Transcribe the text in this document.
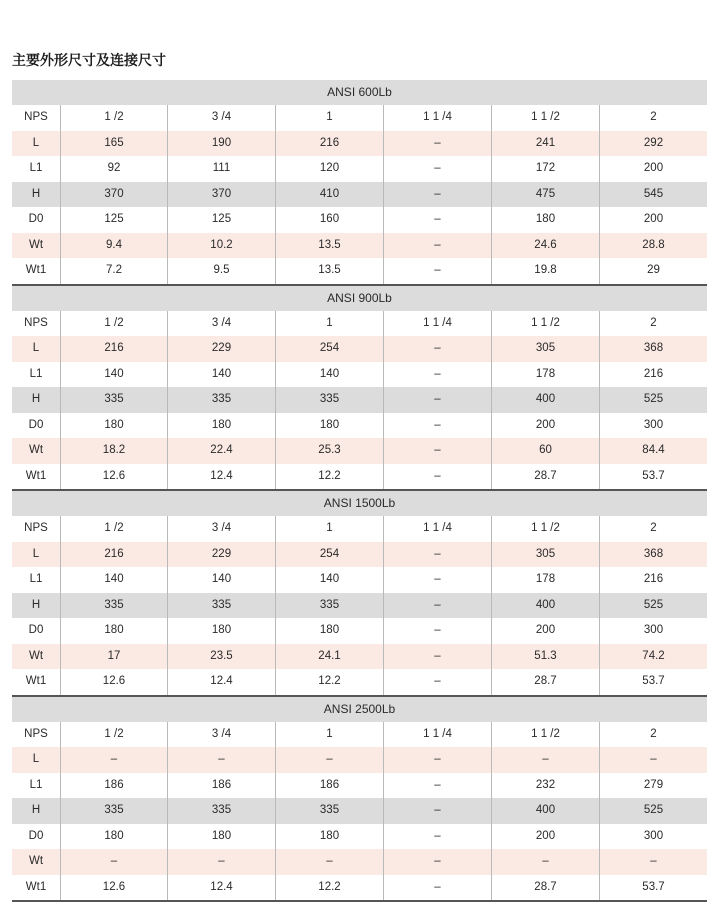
主要外形尺寸及连接尺寸
ANSI 600Lb
NPS	1 /2	3 /4	1	1 1 /4	1 1 /2	2
L	165	190	216	–	241	292
L1	92	111	120	–	172	200
H	370	370	410	–	475	545
D0	125	125	160	–	180	200
Wt	9.4	10.2	13.5	–	24.6	28.8
Wt1	7.2	9.5	13.5	–	19.8	29
ANSI 900Lb
NPS	1 /2	3 /4	1	1 1 /4	1 1 /2	2
L	216	229	254	–	305	368
L1	140	140	140	–	178	216
H	335	335	335	–	400	525
D0	180	180	180	–	200	300
Wt	18.2	22.4	25.3	–	60	84.4
Wt1	12.6	12.4	12.2	–	28.7	53.7
ANSI 1500Lb
NPS	1 /2	3 /4	1	1 1 /4	1 1 /2	2
L	216	229	254	–	305	368
L1	140	140	140	–	178	216
H	335	335	335	–	400	525
D0	180	180	180	–	200	300
Wt	17	23.5	24.1	–	51.3	74.2
Wt1	12.6	12.4	12.2	–	28.7	53.7
ANSI 2500Lb
NPS	1 /2	3 /4	1	1 1 /4	1 1 /2	2
L	–	–	–	–	–	–
L1	186	186	186	–	232	279
H	335	335	335	–	400	525
D0	180	180	180	–	200	300
Wt	–	–	–	–	–	–
Wt1	12.6	12.4	12.2	–	28.7	53.7
